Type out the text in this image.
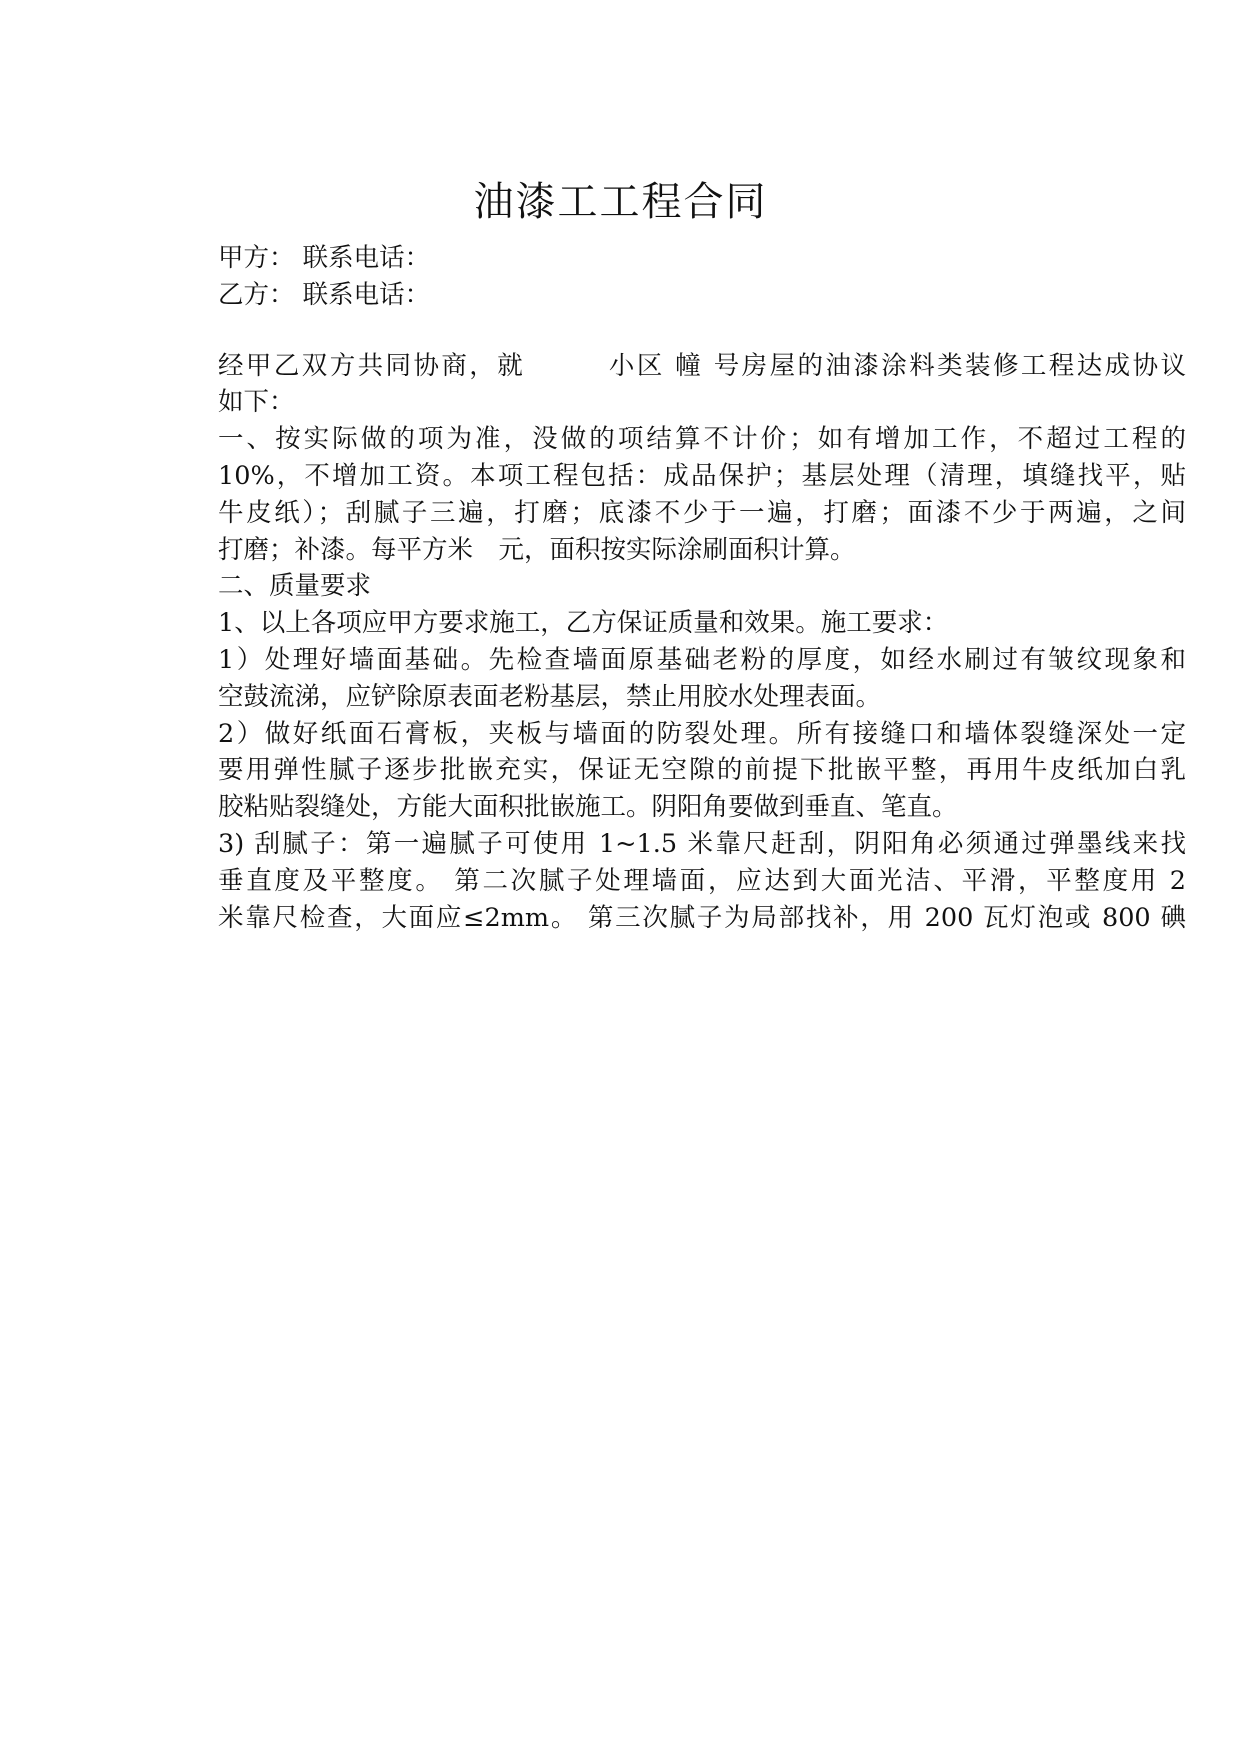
油漆工工程合同
甲方： 联系电话：
乙方： 联系电话：
经甲乙双方共同协商，就　　　小区 幢 号房屋的油漆涂料类装修工程达成协议
如下：
一、按实际做的项为准，没做的项结算不计价；如有增加工作，不超过工程的
10%，不增加工资。本项工程包括：成品保护；基层处理（清理，填缝找平，贴
牛皮纸）；刮腻子三遍，打磨；底漆不少于一遍，打磨；面漆不少于两遍，之间
打磨；补漆。每平方米　元，面积按实际涂刷面积计算。
二、质量要求
1、以上各项应甲方要求施工，乙方保证质量和效果。施工要求：
1）处理好墙面基础。先检查墙面原基础老粉的厚度，如经水刷过有皱纹现象和
空鼓流涕，应铲除原表面老粉基层，禁止用胶水处理表面。
2）做好纸面石膏板，夹板与墙面的防裂处理。所有接缝口和墙体裂缝深处一定
要用弹性腻子逐步批嵌充实，保证无空隙的前提下批嵌平整，再用牛皮纸加白乳
胶粘贴裂缝处，方能大面积批嵌施工。阴阳角要做到垂直、笔直。
3) 刮腻子：第一遍腻子可使用 1~1.5 米靠尺赶刮，阴阳角必须通过弹墨线来找
垂直度及平整度。 第二次腻子处理墙面，应达到大面光洁、平滑，平整度用 2
米靠尺检查，大面应≤2mm。 第三次腻子为局部找补，用 200 瓦灯泡或 800 碘
